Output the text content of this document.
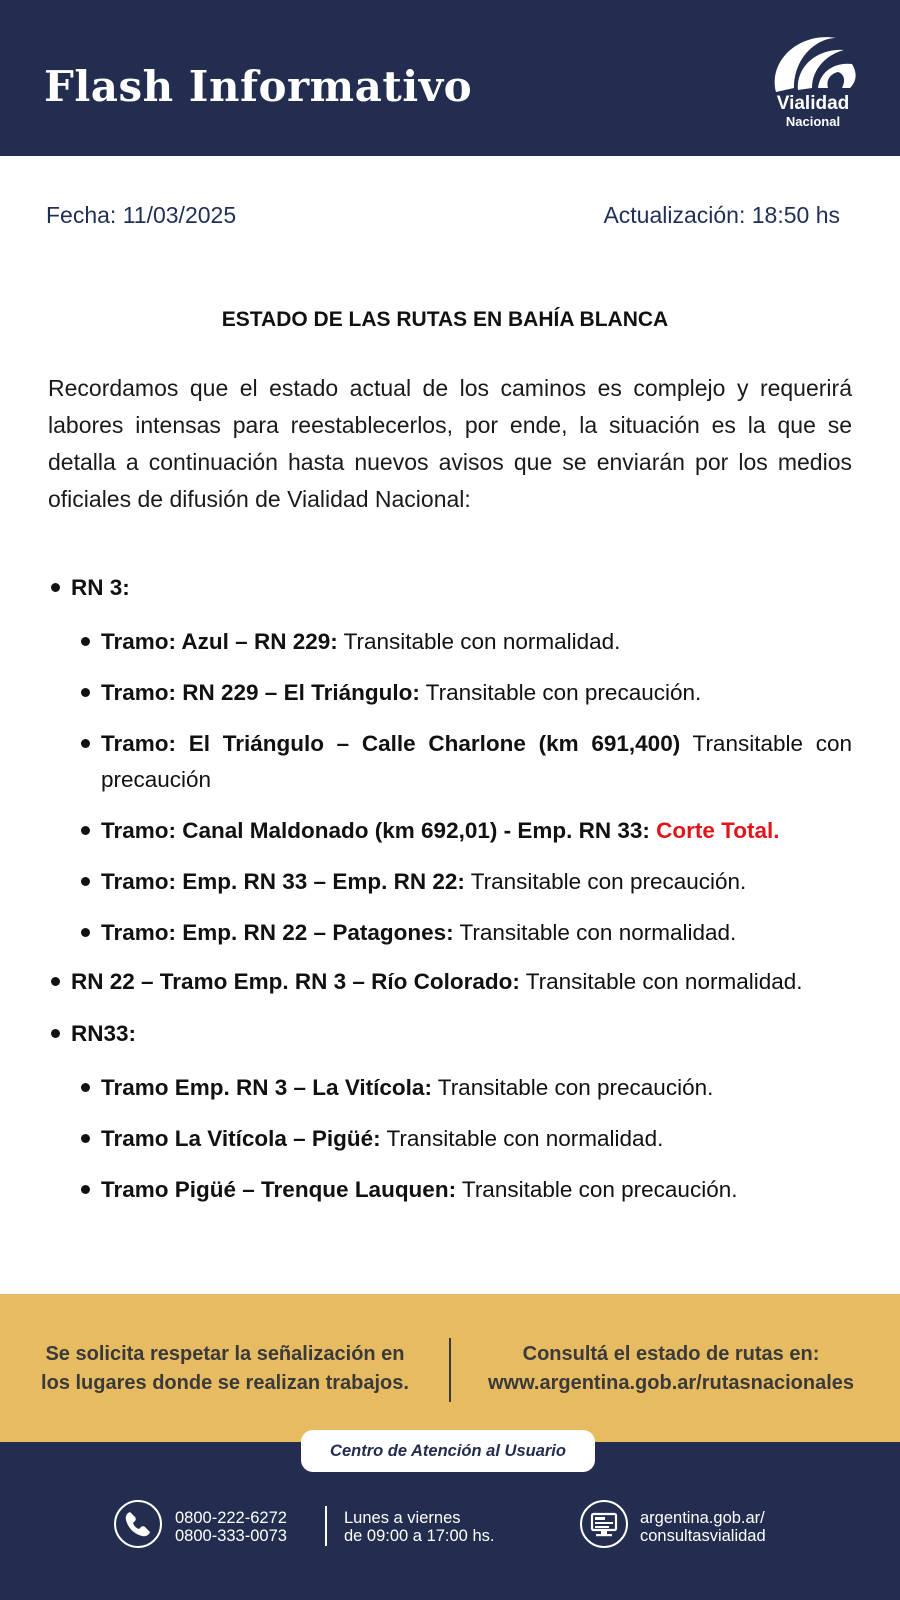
Flash Informativo	Vialidad
Nacional
Fecha: 11/03/2025	Actualización: 18:50 hs
ESTADO DE LAS RUTAS EN BAHÍA BLANCA

Recordamos que el estado actual de los caminos es complejo y requerirá labores intensas para reestablecerlos, por ende, la situación es la que se detalla a continuación hasta nuevos avisos que se enviarán por los medios oficiales de difusión de Vialidad Nacional:

RN 3:
Tramo: Azul – RN 229: Transitable con normalidad.
Tramo: RN 229 – El Triángulo: Transitable con precaución.
Tramo: El Triángulo – Calle Charlone (km 691,400) Transitable con precaución
Tramo: Canal Maldonado (km 692,01) - Emp. RN 33: Corte Total.
Tramo: Emp. RN 33 – Emp. RN 22: Transitable con precaución.
Tramo: Emp. RN 22 – Patagones: Transitable con normalidad.
RN 22 – Tramo Emp. RN 3 – Río Colorado: Transitable con normalidad.
RN33:
Tramo Emp. RN 3 – La Vitícola: Transitable con precaución.
Tramo La Vitícola – Pigüé: Transitable con normalidad.
Tramo Pigüé – Trenque Lauquen: Transitable con precaución.
Se solicita respetar la señalización en
los lugares donde se realizan trabajos.
Consultá el estado de rutas en:
www.argentina.gob.ar/rutasnacionales
Centro de Atención al Usuario
0800-222-6272
0800-333-0073
Lunes a viernes
de 09:00 a 17:00 hs.
argentina.gob.ar/
consultasvialidad
